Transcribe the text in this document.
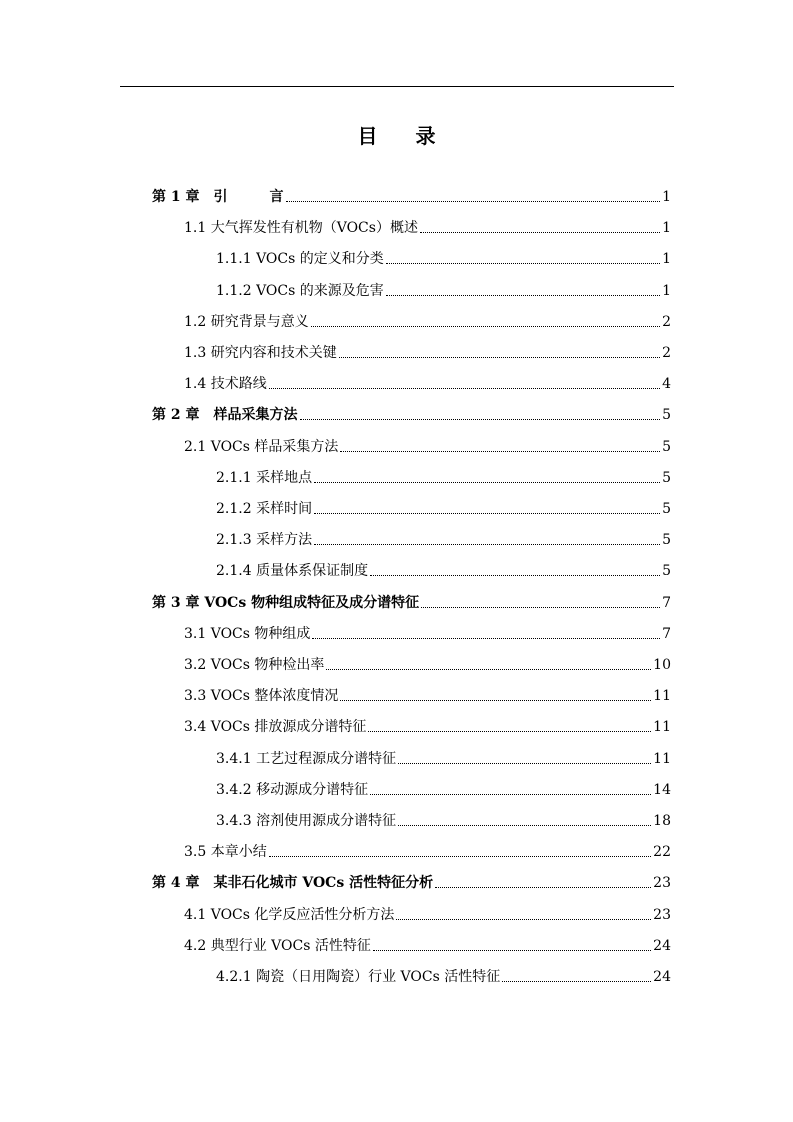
目录
第 1 章　引　　　言	1
1.1 大气挥发性有机物（VOCs）概述	1
1.1.1 VOCs 的定义和分类	1
1.1.2 VOCs 的来源及危害	1
1.2 研究背景与意义	2
1.3 研究内容和技术关键	2
1.4 技术路线	4
第 2 章　样品采集方法	5
2.1 VOCs 样品采集方法	5
2.1.1 采样地点	5
2.1.2 采样时间	5
2.1.3 采样方法	5
2.1.4 质量体系保证制度	5
第 3 章 VOCs 物种组成特征及成分谱特征	7
3.1 VOCs 物种组成	7
3.2 VOCs 物种检出率	10
3.3 VOCs 整体浓度情况	11
3.4 VOCs 排放源成分谱特征	11
3.4.1 工艺过程源成分谱特征	11
3.4.2 移动源成分谱特征	14
3.4.3 溶剂使用源成分谱特征	18
3.5 本章小结	22
第 4 章　某非石化城市 VOCs 活性特征分析	23
4.1 VOCs 化学反应活性分析方法	23
4.2 典型行业 VOCs 活性特征	24
4.2.1 陶瓷（日用陶瓷）行业 VOCs 活性特征	24
